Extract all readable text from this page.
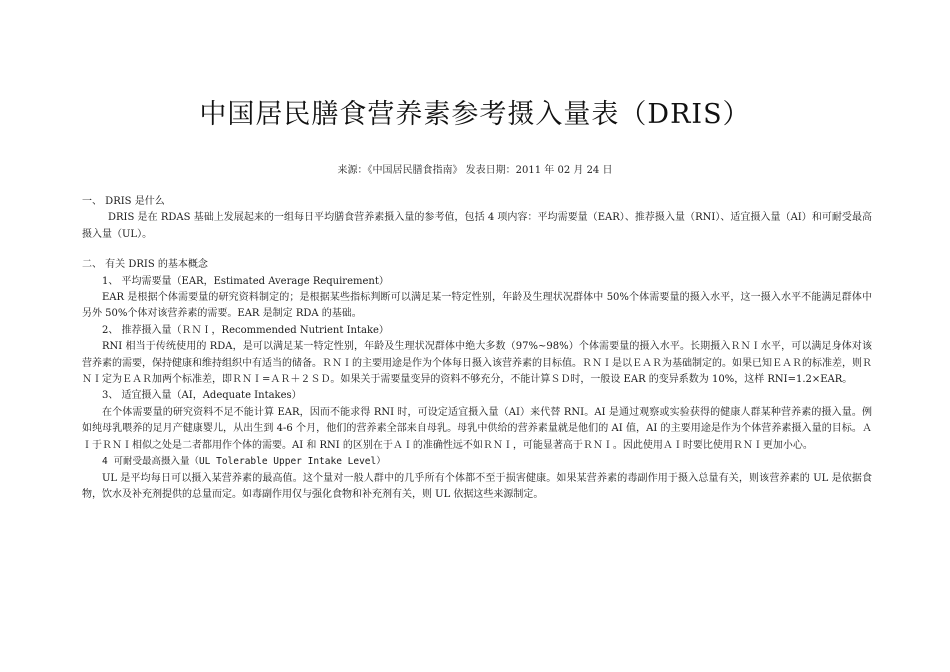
中国居民膳食营养素参考摄入量表（DRIS）
来源：《中国居民膳食指南》 发表日期：2011 年 02 月 24 日

一、 DRIS 是什么

DRIS 是在 RDAS 基础上发展起来的一组每日平均膳食营养素摄入量的参考值，包括 4 项内容：平均需要量（EAR）、推荐摄入量（RNI）、适宜摄入量（AI）和可耐受最高摄入量（UL）。

二、 有关 DRIS 的基本概念

1、 平均需要量（EAR，Estimated Average Requirement）

EAR 是根据个体需要量的研究资料制定的；是根据某些指标判断可以满足某一特定性别，年龄及生理状况群体中 50%个体需要量的摄入水平，这一摄入水平不能满足群体中另外 50%个体对该营养素的需要。EAR 是制定 RDA 的基础。

2、 推荐摄入量（ＲＮＩ，Recommended Nutrient Intake）

RNI 相当于传统使用的 RDA，是可以满足某一特定性别，年龄及生理状况群体中绝大多数（97%~98%）个体需要量的摄入水平。长期摄入ＲＮＩ水平，可以满足身体对该营养素的需要，保持健康和维持组织中有适当的储备。ＲＮＩ的主要用途是作为个体每日摄入该营养素的目标值。ＲＮＩ是以ＥＡＲ为基础制定的。如果已知ＥＡＲ的标准差，则ＲＮＩ定为ＥＡＲ加两个标准差，即ＲＮＩ=ＡＲ＋２ＳＤ。如果关于需要量变异的资料不够充分，不能计算ＳＤ时，一般设 EAR 的变异系数为 10%，这样 RNI=1.2×EAR。

3、 适宜摄入量（AI，Adequate Intakes）

在个体需要量的研究资料不足不能计算 EAR，因而不能求得 RNI 时，可设定适宜摄入量（AI）来代替 RNI。AI 是通过观察或实验获得的健康人群某种营养素的摄入量。例如纯母乳喂养的足月产健康婴儿，从出生到 4-6 个月，他们的营养素全部来自母乳。母乳中供给的营养素量就是他们的 AI 值，AI 的主要用途是作为个体营养素摄入量的目标。ＡＩ于ＲＮＩ相似之处是二者都用作个体的需要。AI 和 RNI 的区别在于ＡＩ的准确性远不如ＲＮＩ，可能显著高于ＲＮＩ。因此使用ＡＩ时要比使用ＲＮＩ更加小心。

4 可耐受最高摄入量（UL Tolerable Upper Intake Level）

UL 是平均每日可以摄入某营养素的最高值。这个量对一般人群中的几乎所有个体都不至于损害健康。如果某营养素的毒副作用于摄入总量有关，则该营养素的 UL 是依据食物，饮水及补充剂提供的总量而定。如毒副作用仅与强化食物和补充剂有关，则 UL 依据这些来源制定。
